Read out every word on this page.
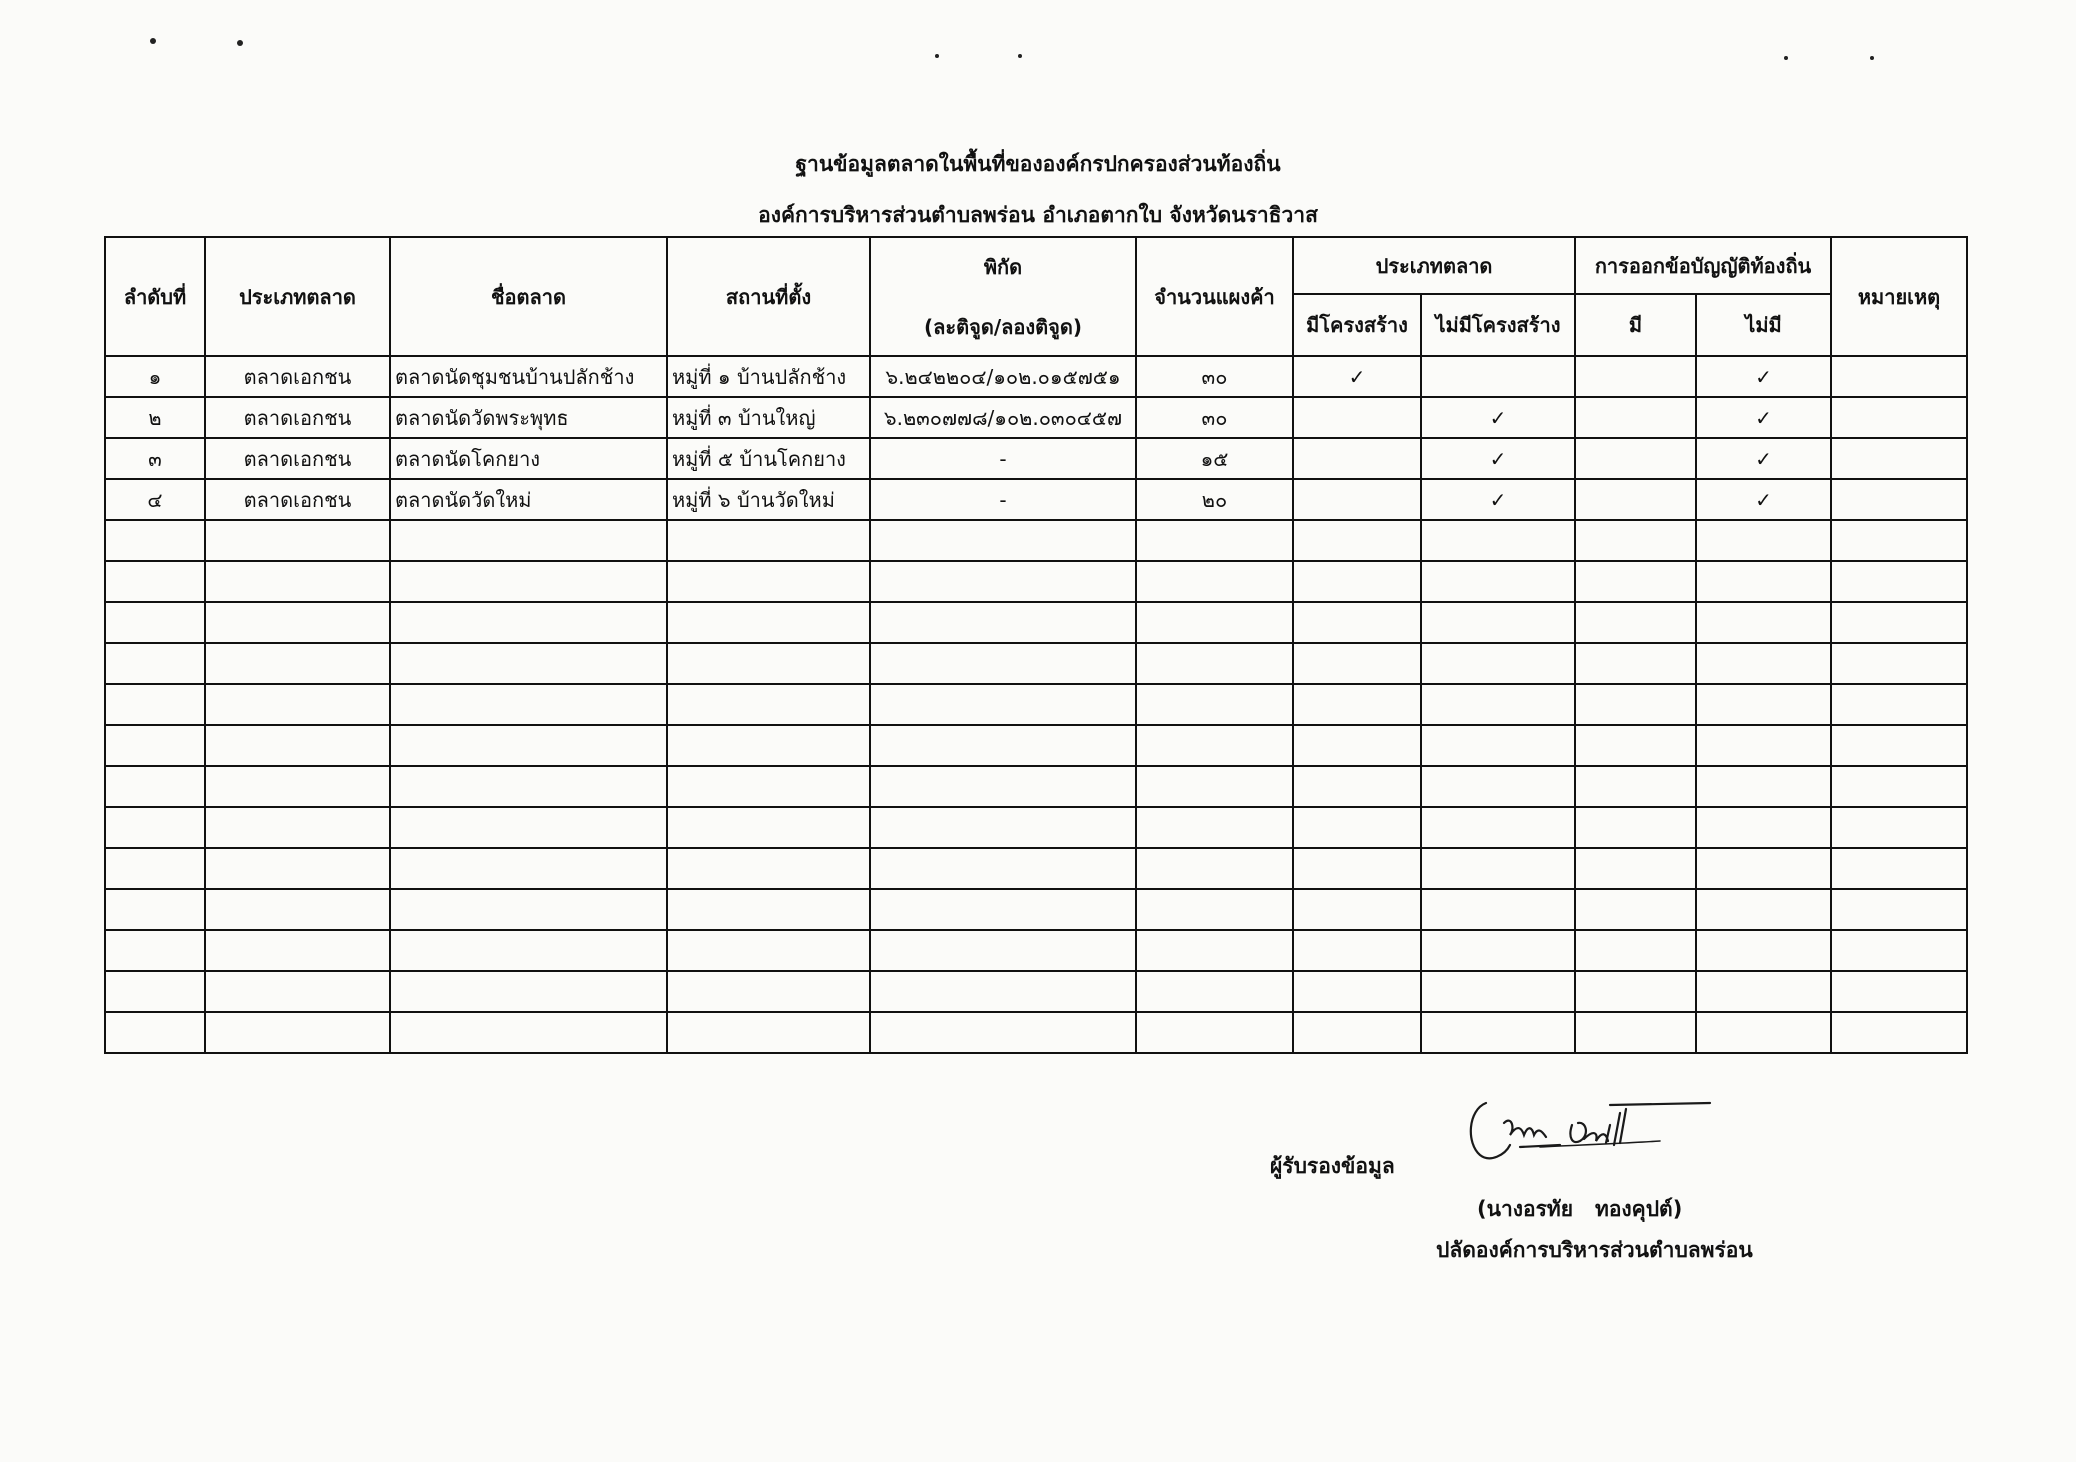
ฐานข้อมูลตลาดในพื้นที่ขององค์กรปกครองส่วนท้องถิ่น
องค์การบริหารส่วนตำบลพร่อน อำเภอตากใบ จังหวัดนราธิวาส
ลำดับที่	ประเภทตลาด	ชื่อตลาด	สถานที่ตั้ง	พิกัด
(ละติจูด/ลองติจูด)	จำนวนแผงค้า	ประเภทตลาด		การออกข้อบัญญัติท้องถิ่น		หมายเหตุ
						มีโครงสร้าง	ไม่มีโครงสร้าง	มี	ไม่มี	
๑	ตลาดเอกชน	ตลาดนัดชุมชนบ้านปลักช้าง	หมู่ที่ ๑ บ้านปลักช้าง	๖.๒๔๒๒๐๔/๑๐๒.๐๑๕๗๕๑	๓๐	✓			✓	
๒	ตลาดเอกชน	ตลาดนัดวัดพระพุทธ	หมู่ที่ ๓ บ้านใหญ่	๖.๒๓๐๗๗๘/๑๐๒.๐๓๐๔๕๗	๓๐		✓		✓	
๓	ตลาดเอกชน	ตลาดนัดโคกยาง	หมู่ที่ ๕ บ้านโคกยาง	-	๑๕		✓		✓	
๔	ตลาดเอกชน	ตลาดนัดวัดใหม่	หมู่ที่ ๖ บ้านวัดใหม่	-	๒๐		✓		✓	

ผู้รับรองข้อมูล
(นางอรทัย   ทองคุปต์)
ปลัดองค์การบริหารส่วนตำบลพร่อน
